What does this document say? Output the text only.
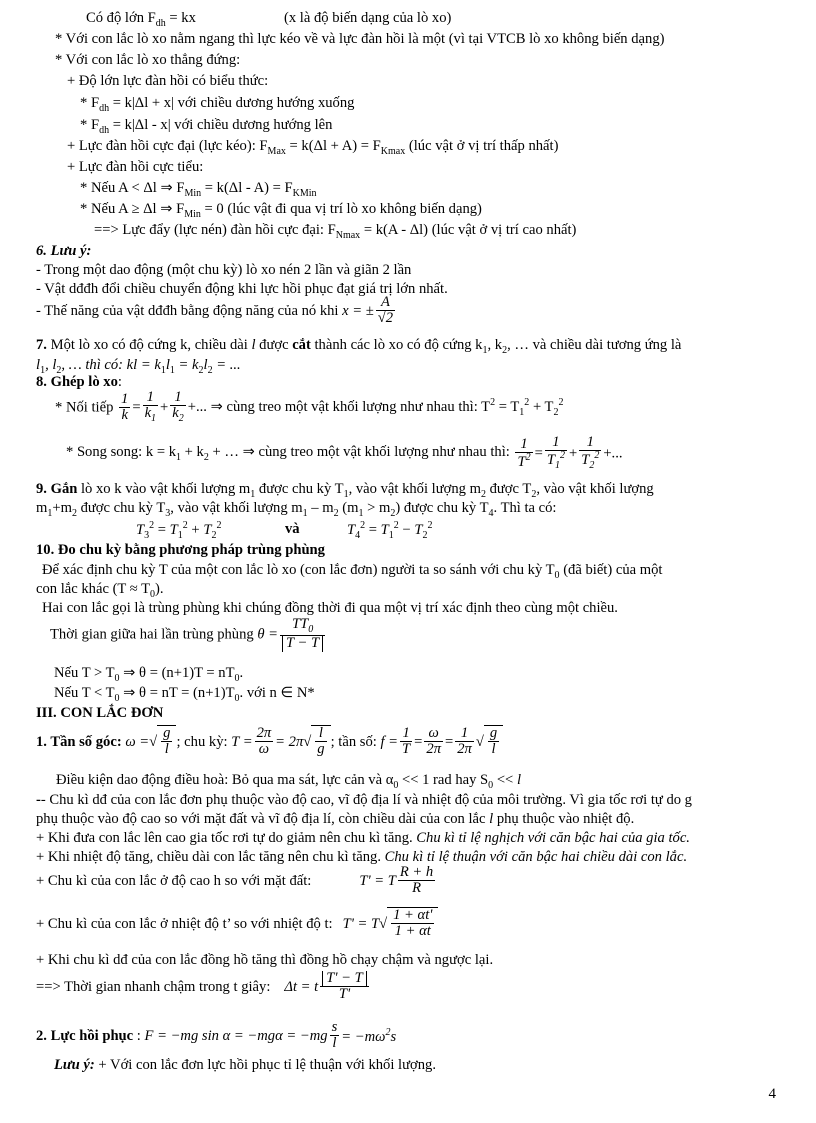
Có độ lớn $F_{dh}$ = kx	(x là độ biến dạng của lò xo)
* Với con lắc lò xo nằm ngang thì lực kéo về và lực đàn hồi là một (vì tại VTCB lò xo không biến dạng)
* Với con lắc lò xo thẳng đứng:
+ Độ lớn lực đàn hồi có biểu thức:
* $F_{dh} = k|\Delta l + x|$ với chiều dương hướng xuống
* $F_{dh} = k|\Delta l - x|$ với chiều dương hướng lên
+ Lực đàn hồi cực đại (lực kéo): $F_{Max} = k(\Delta l + A) = F_{Kmax}$ (lúc vật ở vị trí thấp nhất)
+ Lực đàn hồi cực tiểu:
* Nếu A < Δl ⇒ $F_{Min} = k(\Delta l - A) = F_{KMin}$
* Nếu A ≥ Δl ⇒ $F_{Min} = 0$ (lúc vật đi qua vị trí lò xo không biến dạng)
==> Lực đẩy (lực nén) đàn hồi cực đại: $F_{Nmax} = k(A - \Delta l)$ (lúc vật ở vị trí cao nhất)
6. Lưu ý:
- Trong một dao động (một chu kỳ) lò xo nén 2 lần và giãn 2 lần
- Vật dđđh đổi chiều chuyển động khi lực hồi phục đạt giá trị lớn nhất.
- Thế năng của vật dđđh bằng động năng của nó khi x = ± $\frac{A}{√2}$
7. Một lò xo có độ cứng k, chiều dài l được cắt thành các lò xo có độ cứng $k_1$, $k_2$, … và chiều dài tương ứng là
$l_1$, $l_2$, … thì có: kl = $k_1l_1 = k_2l_2$ = ...
8. Ghép lò xo:
* Nối tiếp $\frac{1}{k} = \frac{1}{k_1} + \frac{1}{k_2}$ +... ⇒ cùng treo một vật khối lượng như nhau thì: $T^2 = T_1^2 + T_2^2$
* Song song: $k = k_1 + k_2$ + … ⇒ cùng treo một vật khối lượng như nhau thì: $\frac{1}{T^2} = \frac{1}{T_1^2} + \frac{1}{T_2^2}$ +...
9. Gắn lò xo k vào vật khối lượng $m_1$ được chu kỳ $T_1$, vào vật khối lượng $m_2$ được $T_2$, vào vật khối lượng
$m_1+m_2$ được chu kỳ $T_3$, vào vật khối lượng $m_1 - m_2$ $(m_1 > m_2)$ được chu kỳ $T_4$. Thì ta có:
$T_3^2 = T_1^2 + T_2^2$	và	$T_4^2 = T_1^2 - T_2^2$
10. Đo chu kỳ bằng phương pháp trùng phùng
Để xác định chu kỳ T của một con lắc lò xo (con lắc đơn) người ta so sánh với chu kỳ $T_0$ (đã biết) của một
con lắc khác $(T \approx T_0)$.
Hai con lắc gọi là trùng phùng khi chúng đồng thời đi qua một vị trí xác định theo cùng một chiều.
Thời gian giữa hai lần trùng phùng $\theta = \frac{TT_0}{T - T}$
Nếu $T > T_0$ ⇒ $\theta = (n+1)T = nT_0$.
Nếu $T < T_0$ ⇒ θ = nT = $(n+1)T_0$. với n ∈ N*
III. CON LẮC ĐƠN
1. Tần số góc: ω =√ $\frac{g}{l}$ ; chu kỳ: $T = \frac{2\pi}{\omega} = 2\pi√ \frac{l}{g}$ ; tần số: $f = \frac{1}{T} = \frac{\omega}{2\pi} = \frac{1}{2\pi}$ √ $\frac{g}{l}$
Điều kiện dao động điều hoà: Bỏ qua ma sát, lực cản và $\alpha_0 << 1$ rad hay $S_0 << l$
-- Chu kì dđ của con lắc đơn phụ thuộc vào độ cao, vĩ độ địa lí và nhiệt độ của môi trường. Vì gia tốc rơi tự do g
phụ thuộc vào độ cao so với mặt đất và vĩ độ địa lí, còn chiều dài của con lắc l phụ thuộc vào nhiệt độ.
+ Khi đưa con lắc lên cao gia tốc rơi tự do giảm nên chu kì tăng. Chu kì tỉ lệ nghịch với căn bậc hai của gia tốc.
+ Khi nhiệt độ tăng, chiều dài con lắc tăng nên chu kì tăng. Chu kì tỉ lệ thuận với căn bậc hai chiều dài con lắc.
+ Chu kì của con lắc ở độ cao h so với mặt đất:	T' = T $\frac{R + h}{R}$
+ Chu kì của con lắc ở nhiệt độ t’ so với nhiệt độ t: $T' = T√ \frac{1 + \alpha t'}{1 + \alpha t}$
+ Khi chu kì dđ của con lắc đồng hồ tăng thì đồng hồ chạy chậm và ngược lại.
==> Thời gian nhanh chậm trong t giây: Δt = t $\frac{T' - T}{T'}$
2. Lực hồi phục : F = −mg $\sin \alpha = -mg\alpha = -mg \frac{s}{l} = -m\omega^2s$
Lưu ý: + Với con lắc đơn lực hồi phục tỉ lệ thuận với khối lượng.
4
